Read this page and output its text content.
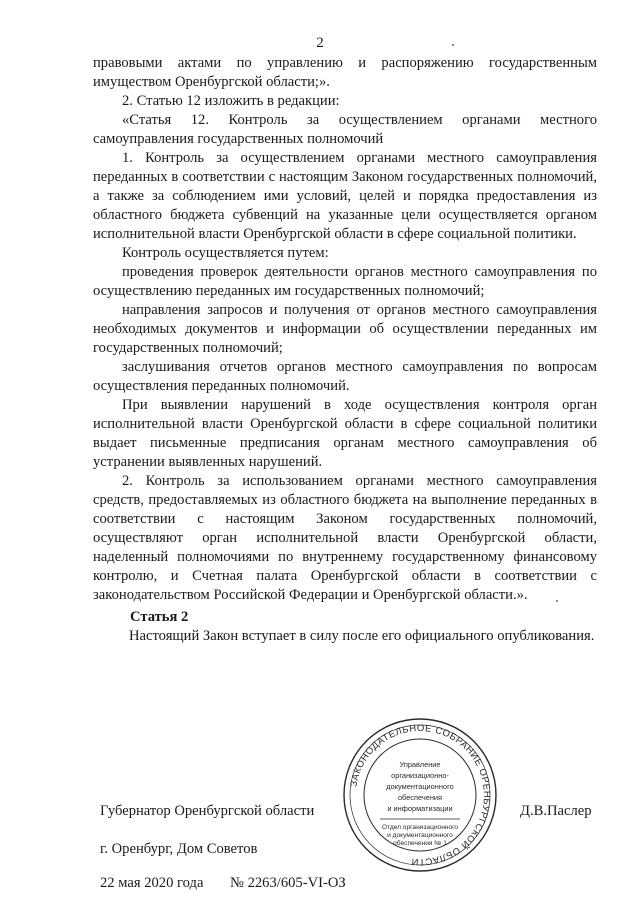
2

правовыми актами по управлению и распоряжению государственным имуществом Оренбургской области;».

2. Статью 12 изложить в редакции:

«Статья 12. Контроль за осуществлением органами местного самоуправления государственных полномочий

1. Контроль за осуществлением органами местного самоуправления переданных в соответствии с настоящим Законом государственных полномочий, а также за соблюдением ими условий, целей и порядка предоставления из областного бюджета субвенций на указанные цели осуществляется органом исполнительной власти Оренбургской области в сфере социальной политики.

Контроль осуществляется путем:

проведения проверок деятельности органов местного самоуправления по осуществлению переданных им государственных полномочий;

направления запросов и получения от органов местного самоуправления необходимых документов и информации об осуществлении переданных им государственных полномочий;

заслушивания отчетов органов местного самоуправления по вопросам осуществления переданных полномочий.

При выявлении нарушений в ходе осуществления контроля орган исполнительной власти Оренбургской области в сфере социальной политики выдает письменные предписания органам местного самоуправления об устранении выявленных нарушений.

2. Контроль за использованием органами местного самоуправления средств, предоставляемых из областного бюджета на выполнение переданных в соответствии с настоящим Законом государственных полномочий, осуществляют орган исполнительной власти Оренбургской области, наделенный полномочиями по внутреннему государственному финансовому контролю, и Счетная палата Оренбургской области в соответствии с законодательством Российской Федерации и Оренбургской области.».

Статья 2
Настоящий Закон вступает в силу после его официального опубликования.
Губернатор Оренбургской области	Д.В.Паслер
г. Оренбург, Дом Советов
22 мая 2020 года № 2263/605-VI-ОЗ
ЗАКОНОДАТЕЛЬНОЕ СОБРАНИЕ ОРЕНБУРГСКОЙ ОБЛАСТИ
Управление
организационно-
документационного
обеспечения
и информатизации
Отдел организационного
и документационного
обеспечения № 1
